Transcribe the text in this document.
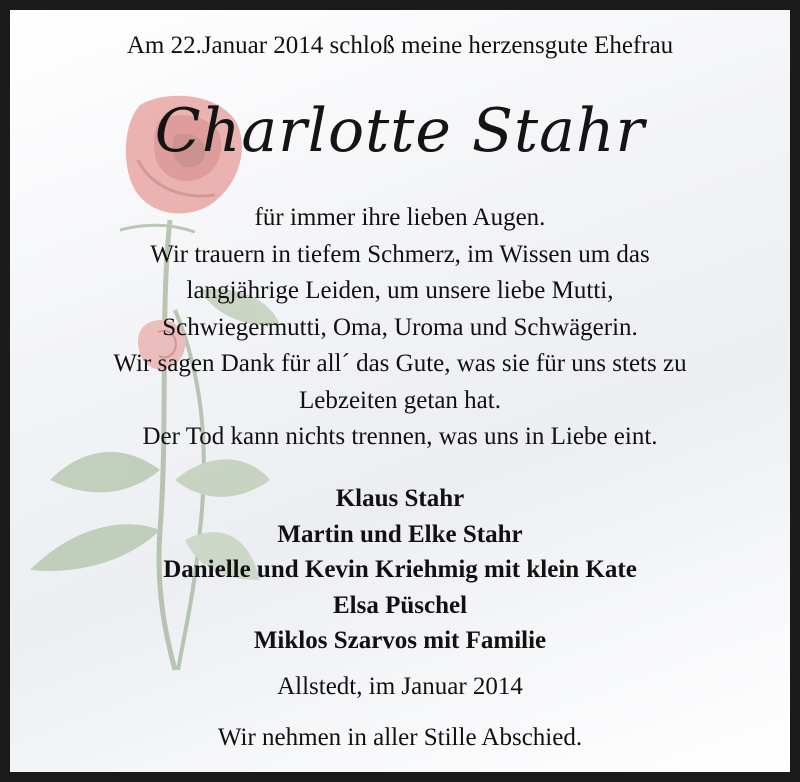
Am 22.Januar 2014 schloß meine herzensgute Ehefrau
Charlotte Stahr
für immer ihre lieben Augen.
Wir trauern in tiefem Schmerz, im Wissen um das
langjährige Leiden, um unsere liebe Mutti,
Schwiegermutti, Oma, Uroma und Schwägerin.
Wir sagen Dank für all´ das Gute, was sie für uns stets zu
Lebzeiten getan hat.
Der Tod kann nichts trennen, was uns in Liebe eint.
Klaus Stahr
Martin und Elke Stahr
Danielle und Kevin Kriehmig mit klein Kate
Elsa Püschel
Miklos Szarvos mit Familie
Allstedt, im Januar 2014
Wir nehmen in aller Stille Abschied.
